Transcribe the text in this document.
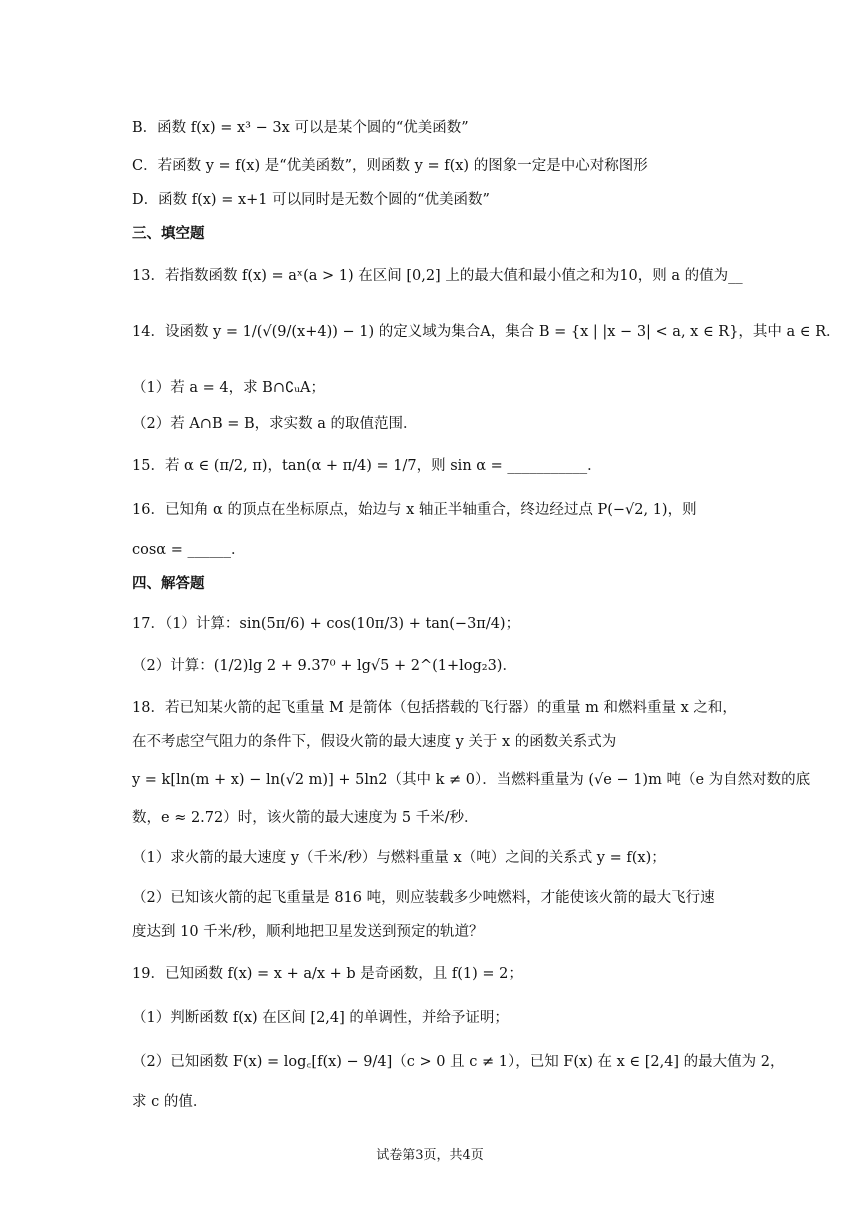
B．函数 f(x) = x³ − 3x 可以是某个圆的“优美函数”
C．若函数 y = f(x) 是“优美函数”，则函数 y = f(x) 的图象一定是中心对称图形
D．函数 f(x) = x+1 可以同时是无数个圆的“优美函数”
三、填空题
13．若指数函数 f(x) = aˣ(a > 1) 在区间 [0,2] 上的最大值和最小值之和为10，则 a 的值为__
14．设函数 y = 1/(√(9/(x+4)) − 1) 的定义域为集合A，集合 B = {x | |x − 3| < a, x ∈ R}，其中 a ∈ R．
（1）若 a = 4，求 B∩∁ᵤA；
（2）若 A∩B = B，求实数 a 的取值范围．
15．若 α ∈ (π/2, π)，tan(α + π/4) = 1/7，则 sin α = ___________．
16．已知角 α 的顶点在坐标原点，始边与 x 轴正半轴重合，终边经过点 P(−√2, 1)，则
cosα = ______．
四、解答题
17．（1）计算：sin(5π/6) + cos(10π/3) + tan(−3π/4)；
（2）计算：(1/2)lg 2 + 9.37⁰ + lg√5 + 2^(1+log₂3)．
18．若已知某火箭的起飞重量 M 是箭体（包括搭载的飞行器）的重量 m 和燃料重量 x 之和，
在不考虑空气阻力的条件下，假设火箭的最大速度 y 关于 x 的函数关系式为
y = k[ln(m + x) − ln(√2 m)] + 5ln2（其中 k ≠ 0）．当燃料重量为 (√e − 1)m 吨（e 为自然对数的底
数，e ≈ 2.72）时，该火箭的最大速度为 5 千米/秒．
（1）求火箭的最大速度 y（千米/秒）与燃料重量 x（吨）之间的关系式 y = f(x)；
（2）已知该火箭的起飞重量是 816 吨，则应装载多少吨燃料，才能使该火箭的最大飞行速
度达到 10 千米/秒，顺利地把卫星发送到预定的轨道？
19．已知函数 f(x) = x + a/x + b 是奇函数，且 f(1) = 2；
（1）判断函数 f(x) 在区间 [2,4] 的单调性，并给予证明；
（2）已知函数 F(x) = log꜀[f(x) − 9/4]（c > 0 且 c ≠ 1），已知 F(x) 在 x ∈ [2,4] 的最大值为 2，
求 c 的值．
试卷第3页，共4页
